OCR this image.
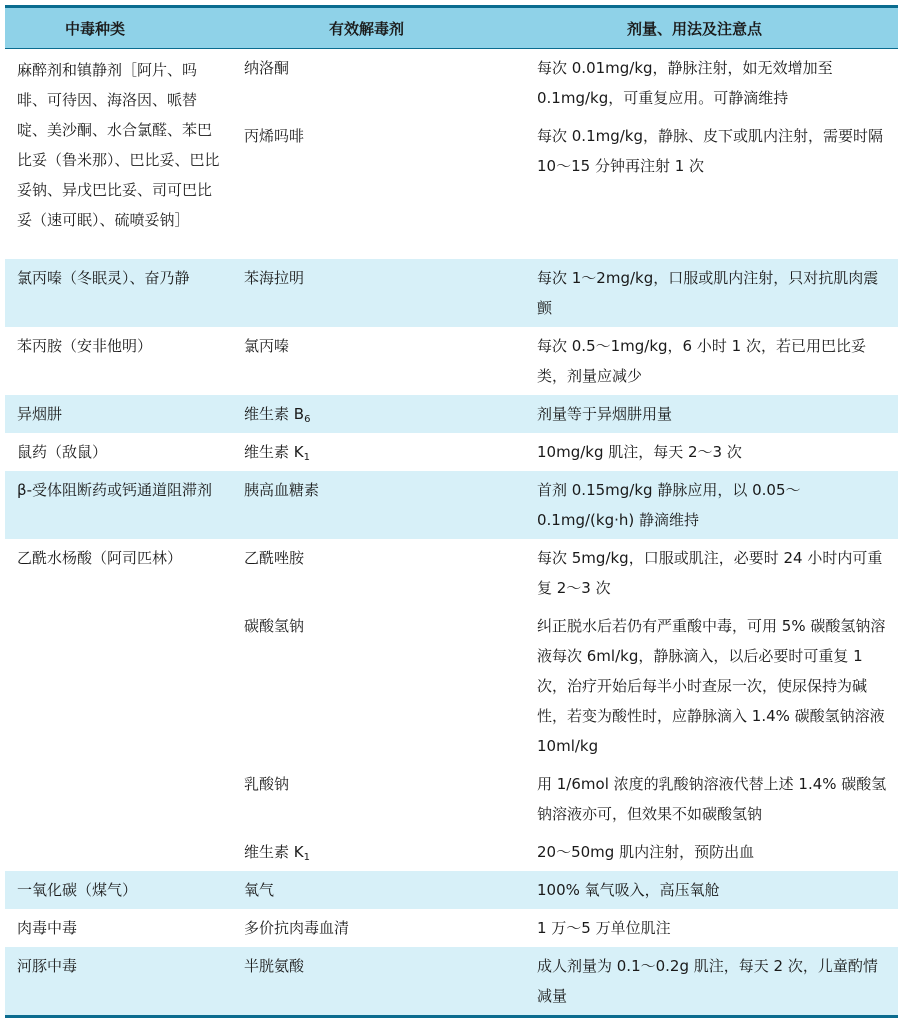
中毒种类	有效解毒剂	剂量、用法及注意点
麻醉剂和镇静剂［阿片、吗啡、可待因、海洛因、哌替啶、美沙酮、水合氯醛、苯巴比妥（鲁米那）、巴比妥、巴比妥钠、异戊巴比妥、司可巴比妥（速可眠）、硫喷妥钠］	纳洛酮	每次 0.01mg/kg，静脉注射，如无效增加至 0.1mg/kg，可重复应用。可静滴维持
	丙烯吗啡	每次 0.1mg/kg，静脉、皮下或肌内注射，需要时隔 10～15 分钟再注射 1 次
氯丙嗪（冬眠灵）、奋乃静	苯海拉明	每次 1～2mg/kg，口服或肌内注射，只对抗肌肉震颤
苯丙胺（安非他明）	氯丙嗪	每次 0.5～1mg/kg，6 小时 1 次，若已用巴比妥类，剂量应减少
异烟肼	维生素 $B_6$	剂量等于异烟肼用量
鼠药（敌鼠）	维生素 $K_1$	10mg/kg 肌注，每天 2～3 次
β-受体阻断药或钙通道阻滞剂	胰高血糖素	首剂 0.15mg/kg 静脉应用，以 0.05～0.1mg/(kg·h) 静滴维持
乙酰水杨酸（阿司匹林）	乙酰唑胺	每次 5mg/kg，口服或肌注，必要时 24 小时内可重复 2～3 次
	碳酸氢钠	纠正脱水后若仍有严重酸中毒，可用 5% 碳酸氢钠溶液每次 6ml/kg，静脉滴入，以后必要时可重复 1 次，治疗开始后每半小时查尿一次，使尿保持为碱性，若变为酸性时，应静脉滴入 1.4% 碳酸氢钠溶液 10ml/kg
	乳酸钠	用 1/6mol 浓度的乳酸钠溶液代替上述 1.4% 碳酸氢钠溶液亦可，但效果不如碳酸氢钠
	维生素 $K_1$	20～50mg 肌内注射，预防出血
一氧化碳（煤气）	氧气	100% 氧气吸入，高压氧舱
肉毒中毒	多价抗肉毒血清	1 万～5 万单位肌注
河豚中毒	半胱氨酸	成人剂量为 0.1～0.2g 肌注，每天 2 次，儿童酌情减量
